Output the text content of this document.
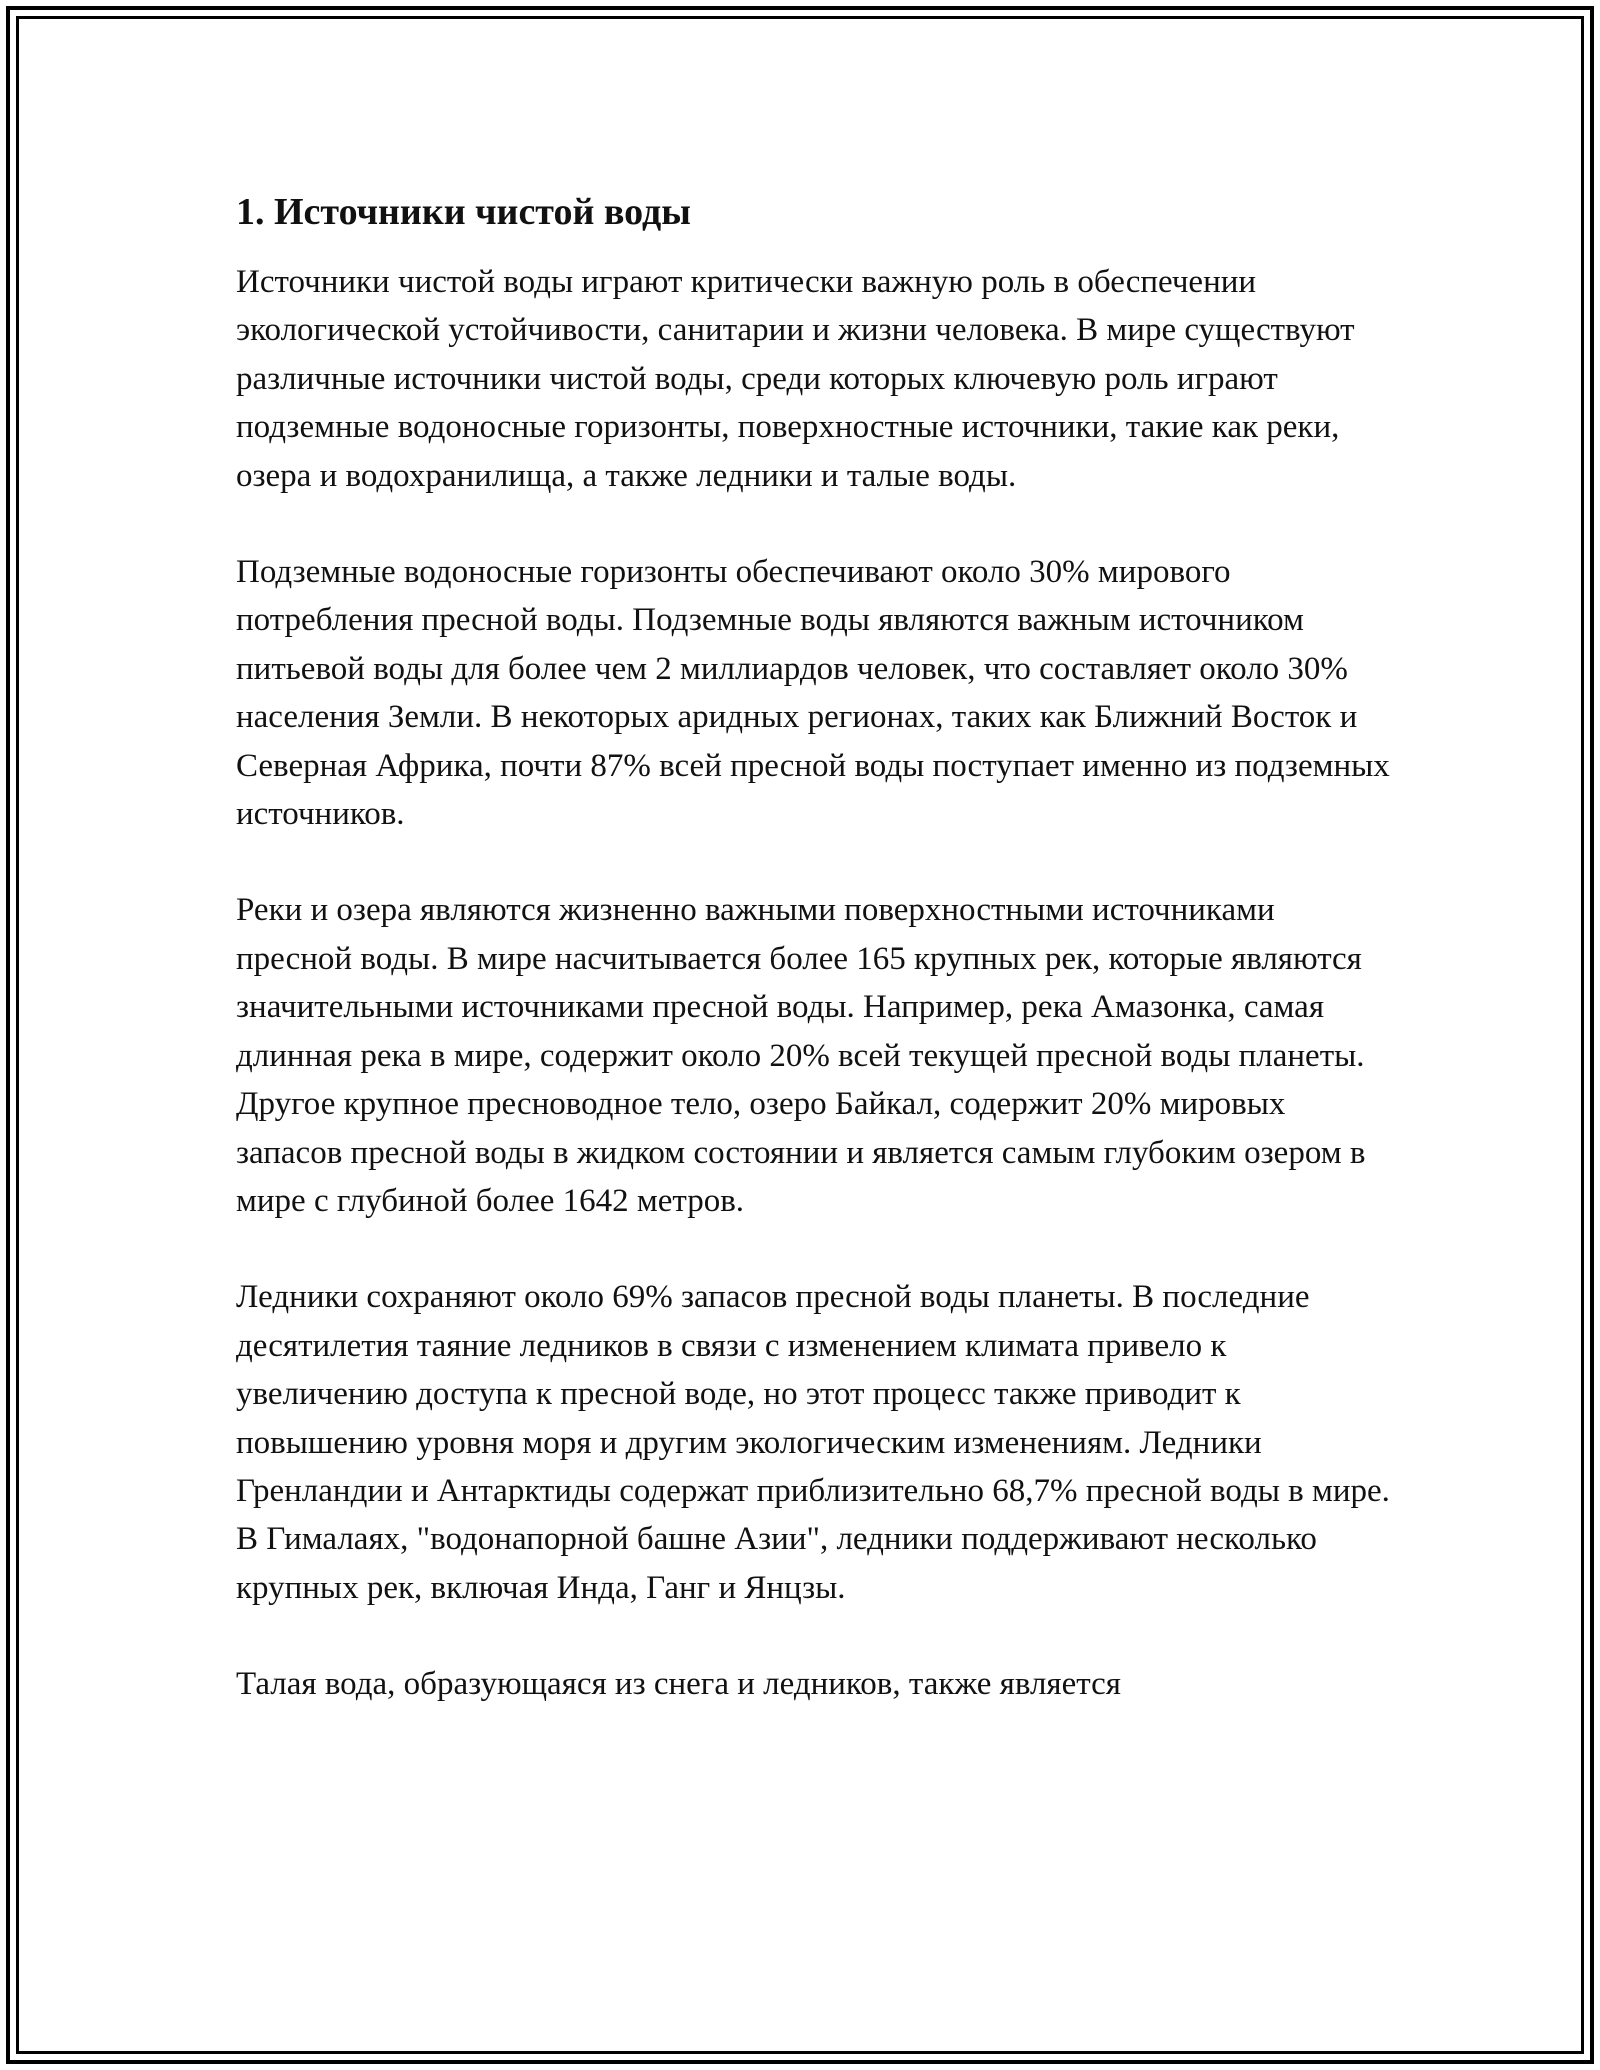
1. Источники чистой воды

Источники чистой воды играют критически важную роль в обеспечении экологической устойчивости, санитарии и жизни человека. В мире существуют различные источники чистой воды, среди которых ключевую роль играют подземные водоносные горизонты, поверхностные источники, такие как реки, озера и водохранилища, а также ледники и талые воды.

Подземные водоносные горизонты обеспечивают около 30% мирового потребления пресной воды. Подземные воды являются важным источником питьевой воды для более чем 2 миллиардов человек, что составляет около 30% населения Земли. В некоторых аридных регионах, таких как Ближний Восток и Северная Африка, почти 87% всей пресной воды поступает именно из подземных источников.

Реки и озера являются жизненно важными поверхностными источниками пресной воды. В мире насчитывается более 165 крупных рек, которые являются значительными источниками пресной воды. Например, река Амазонка, самая длинная река в мире, содержит около 20% всей текущей пресной воды планеты. Другое крупное пресноводное тело, озеро Байкал, содержит 20% мировых запасов пресной воды в жидком состоянии и является самым глубоким озером в мире с глубиной более 1642 метров.

Ледники сохраняют около 69% запасов пресной воды планеты. В последние десятилетия таяние ледников в связи с изменением климата привело к увеличению доступа к пресной воде, но этот процесс также приводит к повышению уровня моря и другим экологическим изменениям. Ледники Гренландии и Антарктиды содержат приблизительно 68,7% пресной воды в мире. В Гималаях, "водонапорной башне Азии", ледники поддерживают несколько крупных рек, включая Инда, Ганг и Янцзы.

Талая вода, образующаяся из снега и ледников, также является
